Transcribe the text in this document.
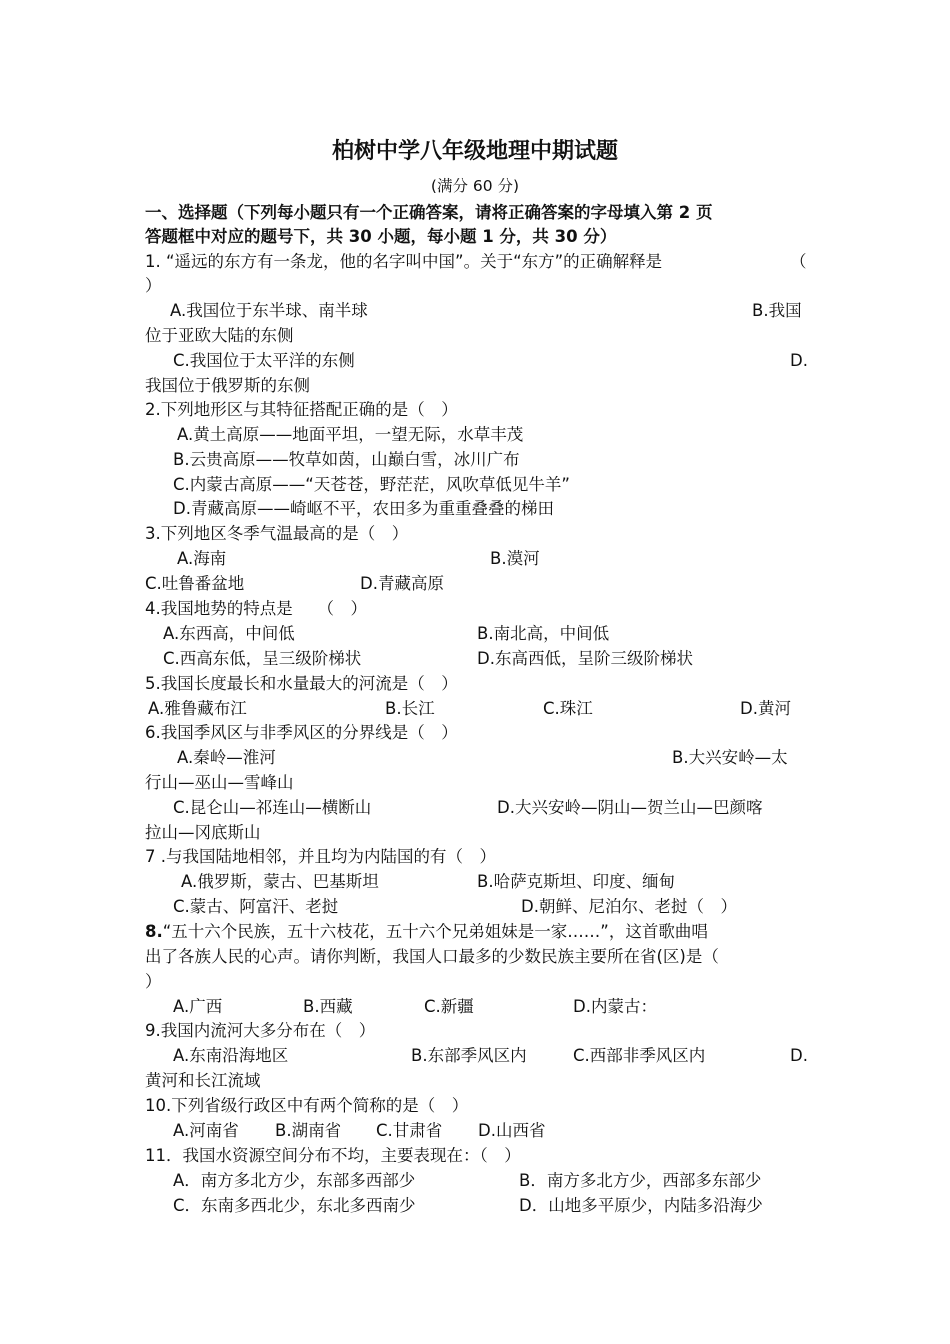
柏树中学八年级地理中期试题
(满分 60 分)
一、选择题（下列每小题只有一个正确答案，请将正确答案的字母填入第 2 页
答题框中对应的题号下，共 30 小题，每小题 1 分，共 30 分）
1. “遥远的东方有一条龙，他的名字叫中国”。关于“东方”的正确解释是	（
）
A.我国位于东半球、南半球	B.我国
位于亚欧大陆的东侧
C.我国位于太平洋的东侧	D.
我国位于俄罗斯的东侧
2.下列地形区与其特征搭配正确的是（　）
A.黄土高原——地面平坦，一望无际，水草丰茂
B.云贵高原——牧草如茵，山巅白雪，冰川广布
C.内蒙古高原——“天苍苍，野茫茫，风吹草低见牛羊”
D.青藏高原——崎岖不平，农田多为重重叠叠的梯田
3.下列地区冬季气温最高的是（　）
A.海南	B.漠河
C.吐鲁番盆地	D.青藏高原
4.我国地势的特点是　　（　）
A.东西高，中间低	B.南北高，中间低
C.西高东低，呈三级阶梯状	D.东高西低，呈阶三级阶梯状
5.我国长度最长和水量最大的河流是（　）
A.雅鲁藏布江	B.长江	C.珠江	D.黄河
6.我国季风区与非季风区的分界线是（　）
A.秦岭—淮河	B.大兴安岭—太
行山—巫山—雪峰山
C.昆仑山—祁连山—横断山	D.大兴安岭—阴山—贺兰山—巴颜喀
拉山—冈底斯山
7 .与我国陆地相邻，并且均为内陆国的有（　）
A.俄罗斯，蒙古、巴基斯坦	B.哈萨克斯坦、印度、缅甸
C.蒙古、阿富汗、老挝	D.朝鲜、尼泊尔、老挝（　）
8.“五十六个民族，五十六枝花，五十六个兄弟姐妹是一家……”，这首歌曲唱
出了各族人民的心声。请你判断，我国人口最多的少数民族主要所在省(区)是（
）
A.广西	B.西藏	C.新疆	D.内蒙古：
9.我国内流河大多分布在（　）
A.东南沿海地区	B.东部季风区内	C.西部非季风区内	D.
黄河和长江流域
10.下列省级行政区中有两个简称的是（　）
A.河南省 B.湖南省 C.甘肃省 D.山西省
11．我国水资源空间分布不均，主要表现在：（　）
A．南方多北方少，东部多西部少	B．南方多北方少，西部多东部少
C．东南多西北少，东北多西南少	D．山地多平原少，内陆多沿海少
